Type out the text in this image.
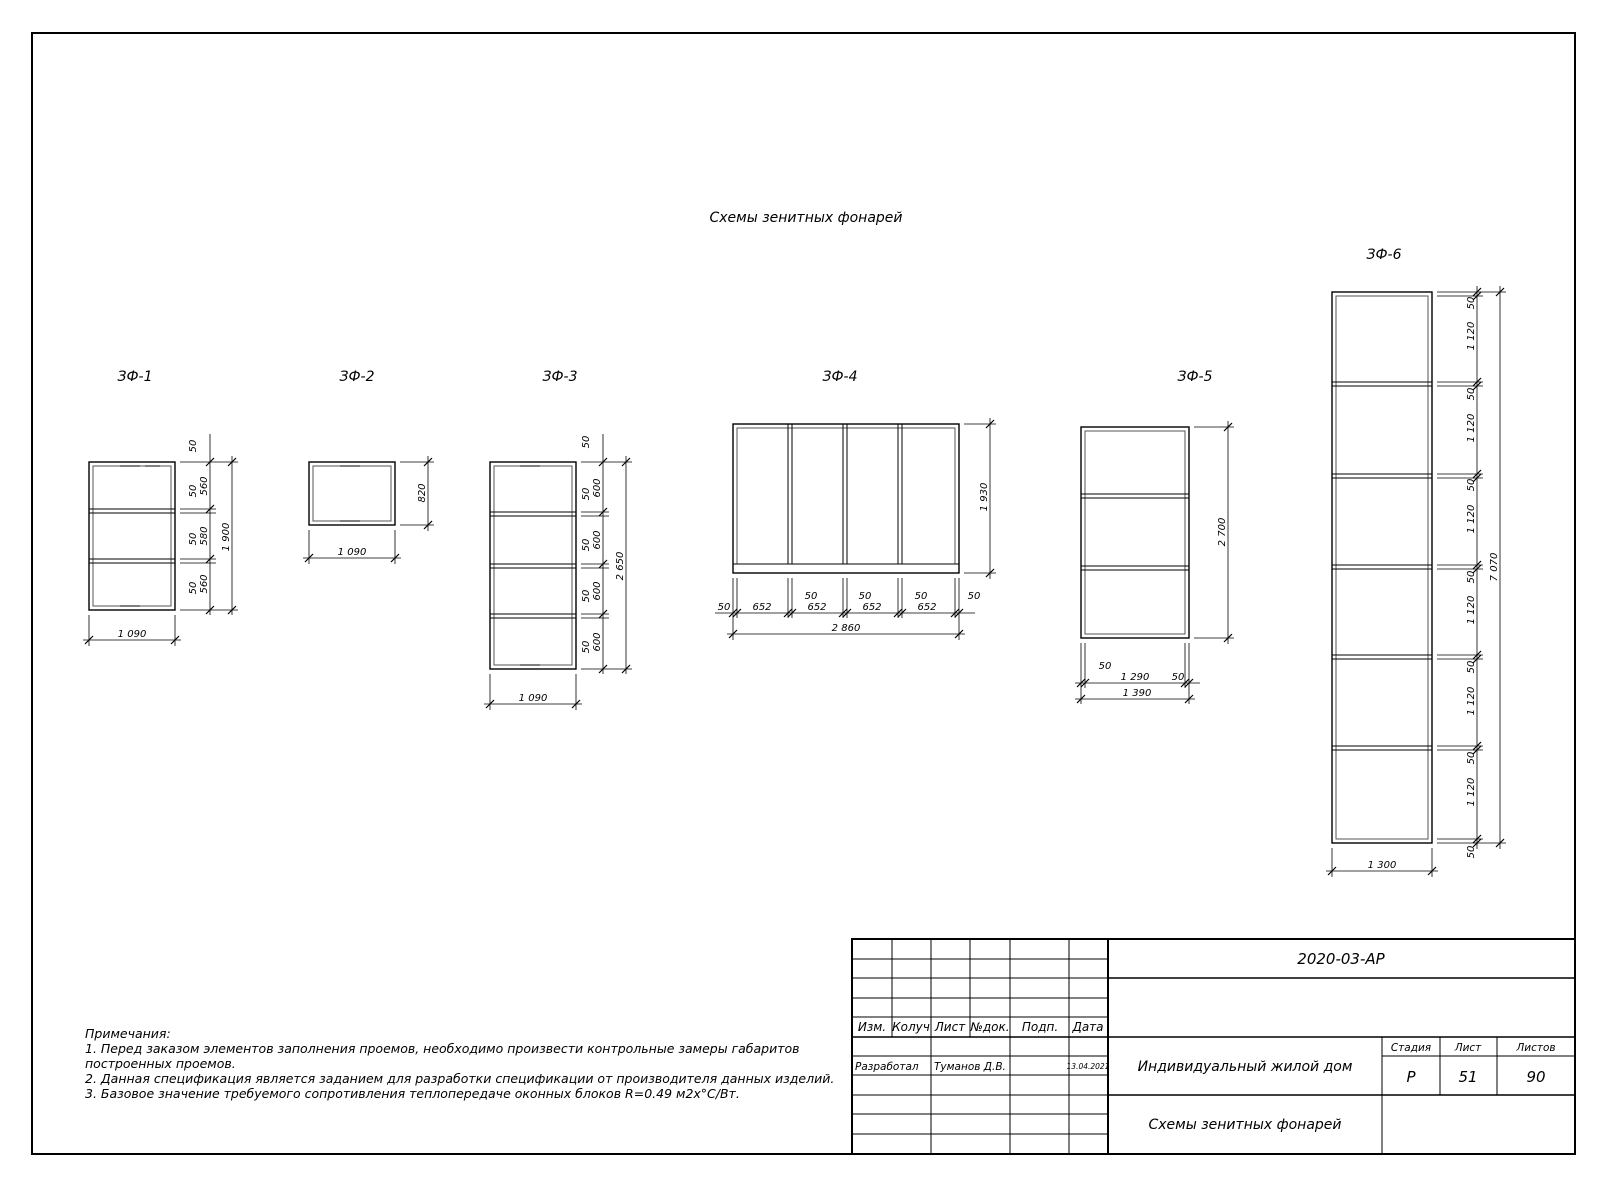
Схемы зенитных фонарей
ЗФ-1	ЗФ-2	ЗФ-3	ЗФ-4	ЗФ-5
ЗФ-6
1 090
50
50 560
50 580
50 560
1 900
1 090
820
1 090
50
50 600
50 600
50 600
50 600
2 650
50 652
50
652
50
652
50
652
50
2 860
1 930
2 700
50
1 290 50
1 390
1 300
50
1 120
50
1 120
50
1 120
50
1 120
50
1 120
50
1 120
50
7 070
Изм. Колуч Лист №док. Подп. Дата
Разработал Туманов Д.В.	13.04.2021
2020-03-АР
Индивидуальный жилой дом
Схемы зенитных фонарей
Стадия Лист	Листов
Р	51	90
Примечания:
1. Перед заказом элементов заполнения проемов, необходимо произвести контрольные замеры габаритов
построенных проемов.
2. Данная спецификация является заданием для разработки спецификации от производителя данных изделий.
3. Базовое значение требуемого сопротивления теплопередаче оконных блоков R=0.49 м2x°С/Вт.
